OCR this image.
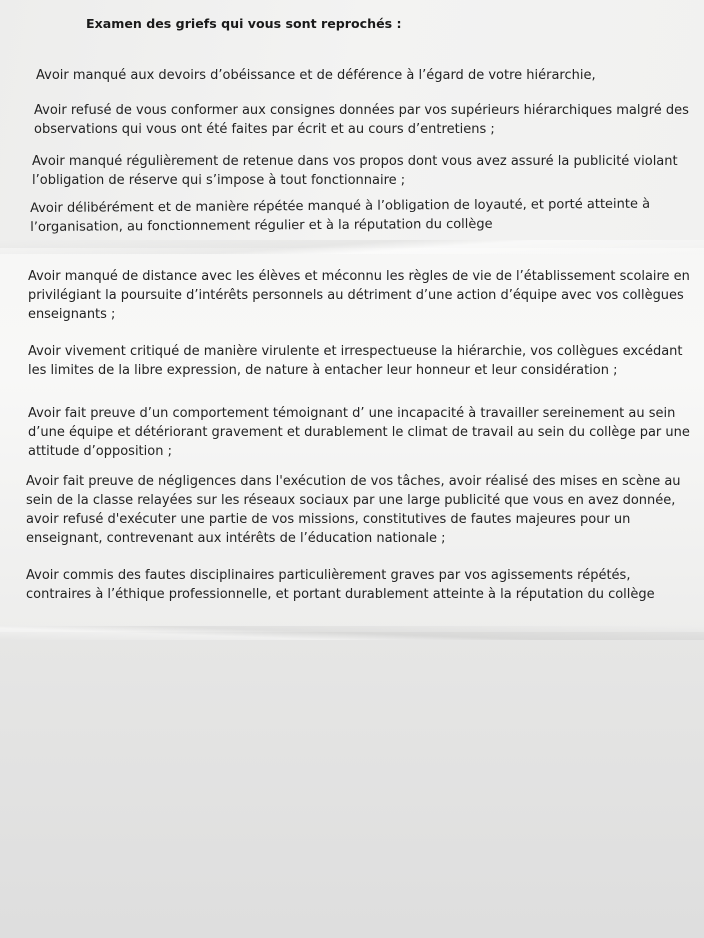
Examen des griefs qui vous sont reprochés :

Avoir manqué aux devoirs d’obéissance et de déférence à l’égard de votre hiérarchie,

Avoir refusé de vous conformer aux consignes données par vos supérieurs hiérarchiques malgré des
observations qui vous ont été faites par écrit et au cours d’entretiens ;

Avoir manqué régulièrement de retenue dans vos propos dont vous avez assuré la publicité violant
l’obligation de réserve qui s’impose à tout fonctionnaire ;

Avoir délibérément et de manière répétée manqué à l’obligation de loyauté, et porté atteinte à
l’organisation, au fonctionnement régulier et à la réputation du collège

Avoir manqué de distance avec les élèves et méconnu les règles de vie de l’établissement scolaire en
privilégiant la poursuite d’intérêts personnels au détriment d’une action d’équipe avec vos collègues
enseignants ;

Avoir vivement critiqué de manière virulente et irrespectueuse la hiérarchie, vos collègues excédant
les limites de la libre expression, de nature à entacher leur honneur et leur considération ;

Avoir fait preuve d’un comportement témoignant d’ une incapacité à travailler sereinement au sein
d’une équipe et détériorant gravement et durablement le climat de travail au sein du collège par une
attitude d’opposition ;

Avoir fait preuve de négligences dans l'exécution de vos tâches, avoir réalisé des mises en scène au
sein de la classe relayées sur les réseaux sociaux par une large publicité que vous en avez donnée,
avoir refusé d'exécuter une partie de vos missions, constitutives de fautes majeures pour un
enseignant, contrevenant aux intérêts de l’éducation nationale ;

Avoir commis des fautes disciplinaires particulièrement graves par vos agissements répétés,
contraires à l’éthique professionnelle, et portant durablement atteinte à la réputation du collège
